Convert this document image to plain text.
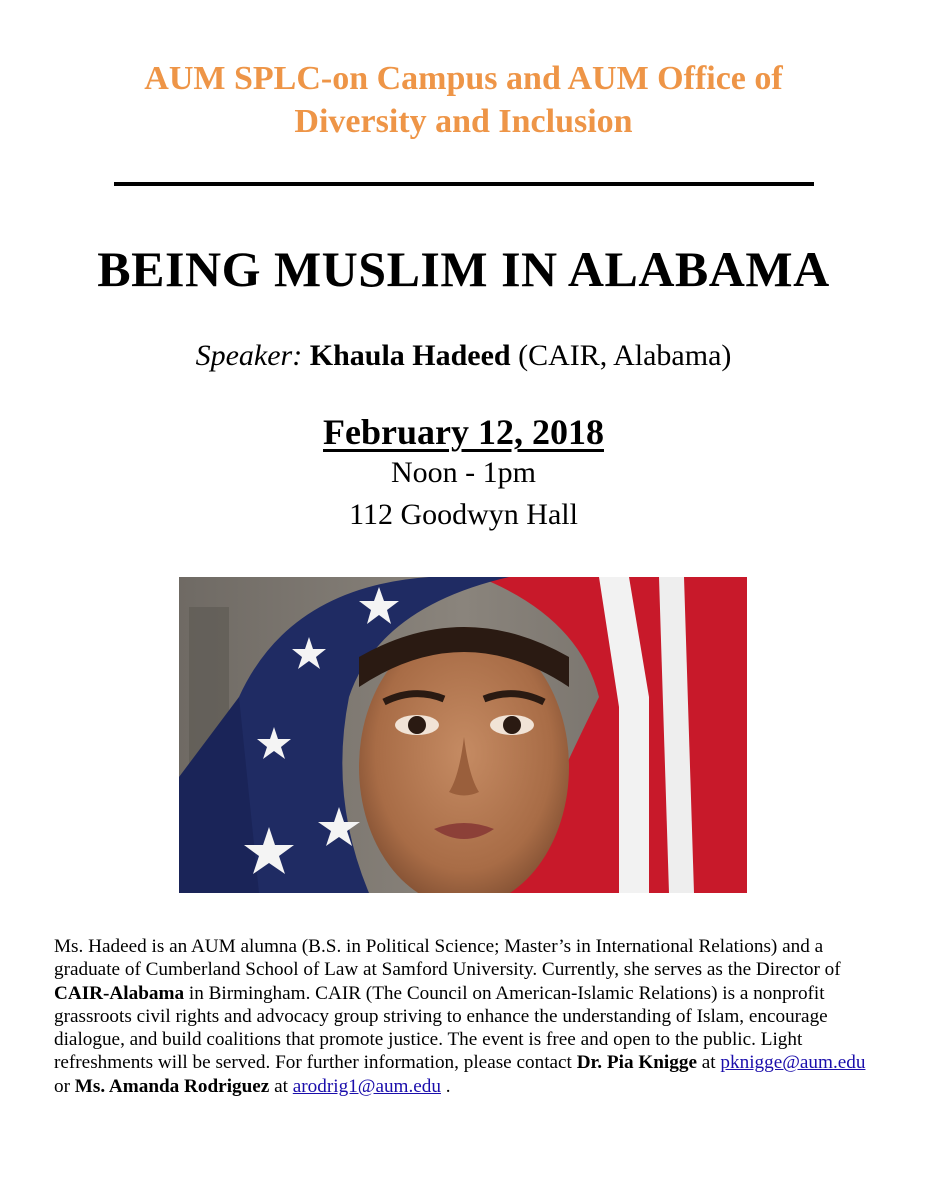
AUM SPLC-on Campus and AUM Office of
Diversity and Inclusion
BEING MUSLIM IN ALABAMA
Speaker: Khaula Hadeed (CAIR, Alabama)
February 12, 2018
Noon - 1pm
112 Goodwyn Hall
Ms. Hadeed is an AUM alumna (B.S. in Political Science; Master’s in International Relations) and a graduate of Cumberland School of Law at Samford University. Currently, she serves as the Director of CAIR-Alabama in Birmingham. CAIR (The Council on American-Islamic Relations) is a nonprofit grassroots civil rights and advocacy group striving to enhance the understanding of Islam, encourage dialogue, and build coalitions that promote justice. The event is free and open to the public. Light refreshments will be served. For further information, please contact Dr. Pia Knigge at pknigge@aum.edu or Ms. Amanda Rodriguez at arodrig1@aum.edu .
